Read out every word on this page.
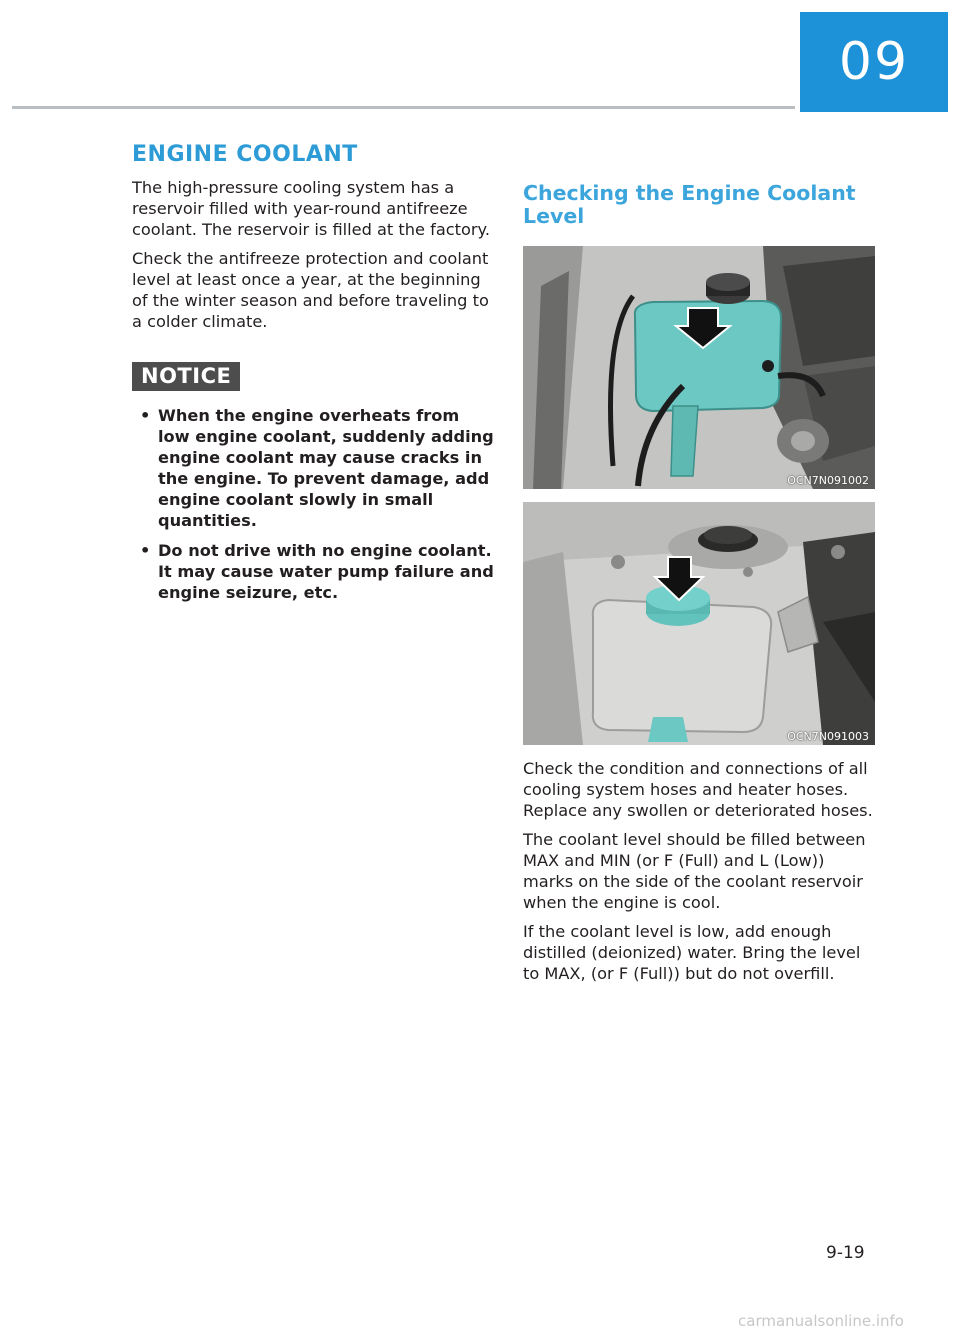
09
ENGINE COOLANT

The high-pressure cooling system has a reservoir filled with year-round antifreeze coolant. The reservoir is filled at the factory.

Check the antifreeze protection and coolant level at least once a year, at the beginning of the winter season and before traveling to a colder climate.

NOTICE
• When the engine overheats from low engine coolant, suddenly adding engine coolant may cause cracks in the engine. To prevent damage, add engine coolant slowly in small quantities.
• Do not drive with no engine coolant. It may cause water pump failure and engine seizure, etc.
Checking the Engine Coolant Level
OCN7N091002
OCN7N091003

Check the condition and connections of all cooling system hoses and heater hoses. Replace any swollen or deteriorated hoses.

The coolant level should be filled between MAX and MIN (or F (Full) and L (Low)) marks on the side of the coolant reservoir when the engine is cool.

If the coolant level is low, add enough distilled (deionized) water. Bring the level to MAX, (or F (Full)) but do not overfill.

9-19
carmanualsonline.info
